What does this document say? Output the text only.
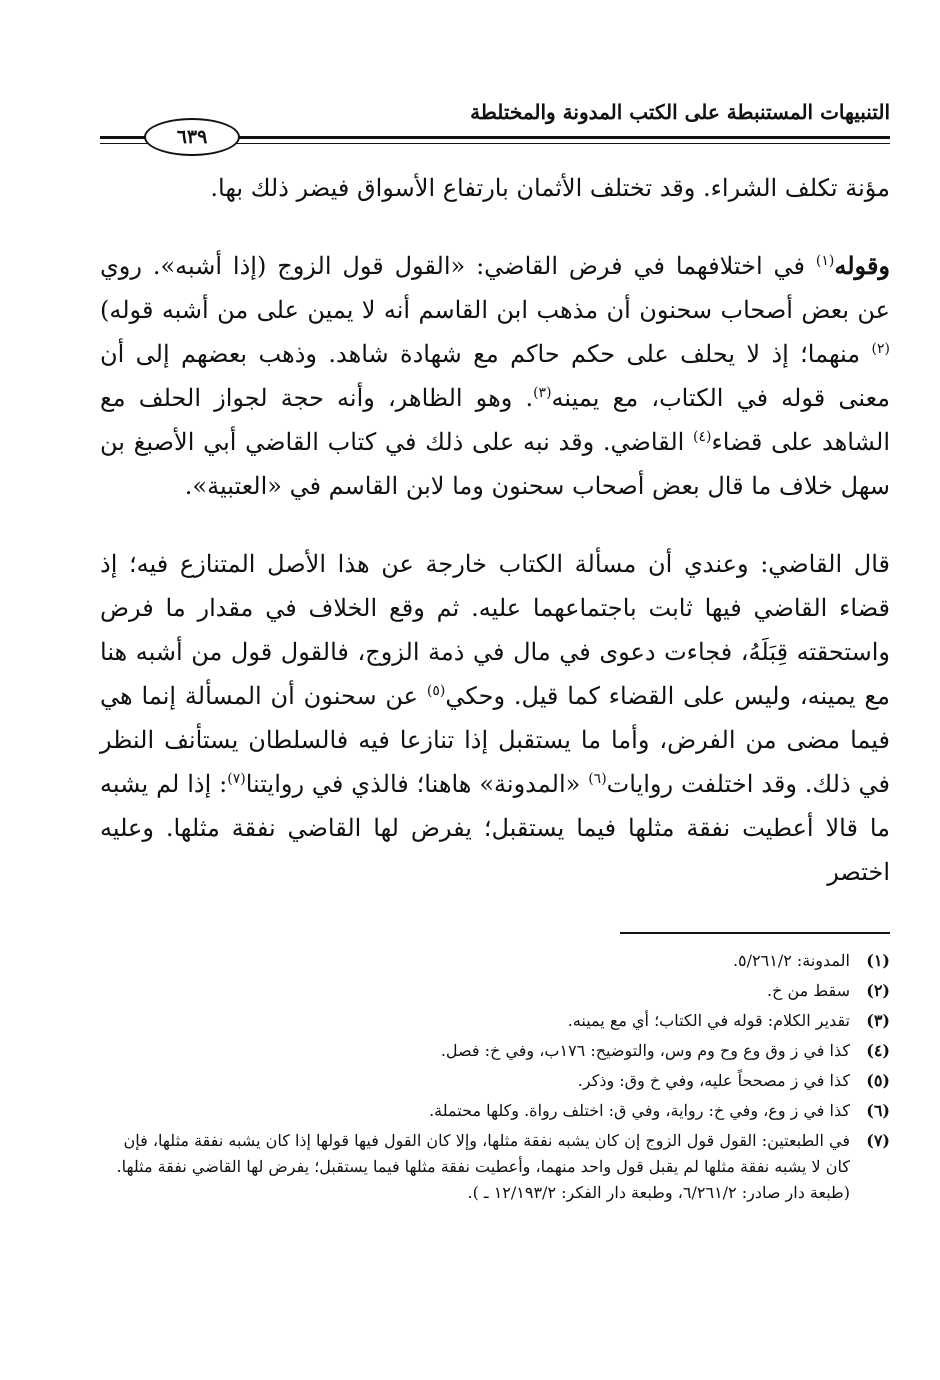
التنبيهات المستنبطة على الكتب المدونة والمختلطة
٦٣٩

مؤنة تكلف الشراء. وقد تختلف الأثمان بارتفاع الأسواق فيضر ذلك بها.

وقوله$^{(١)}$ في اختلافهما في فرض القاضي: «القول قول الزوج (إذا أشبه». روي عن بعض أصحاب سحنون أن مذهب ابن القاسم أنه لا يمين على من أشبه قوله)$^{(٢)}$ منهما؛ إذ لا يحلف على حكم حاكم مع شهادة شاهد. وذهب بعضهم إلى أن معنى قوله في الكتاب، مع يمينه$^{(٣)}$. وهو الظاهر، وأنه حجة لجواز الحلف مع الشاهد على قضاء$^{(٤)}$ القاضي. وقد نبه على ذلك في كتاب القاضي أبي الأصبغ بن سهل خلاف ما قال بعض أصحاب سحنون وما لابن القاسم في «العتبية».

قال القاضي: وعندي أن مسألة الكتاب خارجة عن هذا الأصل المتنازع فيه؛ إذ قضاء القاضي فيها ثابت باجتماعهما عليه. ثم وقع الخلاف في مقدار ما فرض واستحقته قِبَلَهُ، فجاءت دعوى في مال في ذمة الزوج، فالقول قول من أشبه هنا مع يمينه، وليس على القضاء كما قيل. وحكي$^{(٥)}$ عن سحنون أن المسألة إنما هي فيما مضى من الفرض، وأما ما يستقبل إذا تنازعا فيه فالسلطان يستأنف النظر في ذلك. وقد اختلفت روايات$^{(٦)}$ «المدونة» هاهنا؛ فالذي في روايتنا$^{(٧)}$: إذا لم يشبه ما قالا أعطيت نفقة مثلها فيما يستقبل؛ يفرض لها القاضي نفقة مثلها. وعليه اختصر

(١)
المدونة: ٥/٢٦١/٢.
(٢)
سقط من خ.
(٣)
تقدير الكلام: قوله في الكتاب؛ أي مع يمينه.
(٤)
كذا في ز وق وع وح وم وس، والتوضيح: ١٧٦ب، وفي خ: فصل.
(٥)
كذا في ز مصححاً عليه، وفي خ وق: وذكر.
(٦)
كذا في ز وع، وفي خ: رواية، وفي ق: اختلف رواة. وكلها محتملة.
(٧)
في الطبعتين: القول قول الزوج إن كان يشبه نفقة مثلها، وإلا كان القول فيها قولها إذا كان يشبه نفقة مثلها، فإن كان لا يشبه نفقة مثلها لم يقبل قول واحد منهما، وأعطيت نفقة مثلها فيما يستقبل؛ يفرض لها القاضي نفقة مثلها. (طبعة دار صادر: ٦/٢٦١/٢، وطبعة دار الفكر: ١٢/١٩٣/٢ ـ ).
